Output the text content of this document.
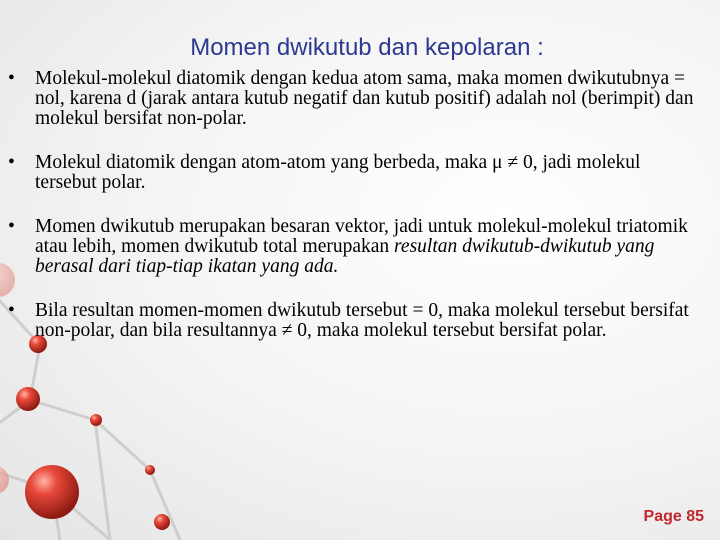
Momen dwikutub dan kepolaran :
• Molekul-molekul diatomik dengan kedua atom sama, maka momen dwikutubnya = nol, karena d (jarak antara kutub negatif dan kutub positif) adalah nol (berimpit) dan molekul bersifat non-polar.
• Molekul diatomik dengan atom-atom yang berbeda, maka μ ≠ 0, jadi molekul tersebut polar.
• Momen dwikutub merupakan besaran vektor, jadi untuk molekul-molekul triatomik atau lebih, momen dwikutub total merupakan resultan dwikutub-dwikutub yang berasal dari tiap-tiap ikatan yang ada.
• Bila resultan momen-momen dwikutub tersebut = 0, maka molekul tersebut bersifat non-polar, dan bila resultannya ≠ 0, maka molekul tersebut bersifat polar.
Page 85
